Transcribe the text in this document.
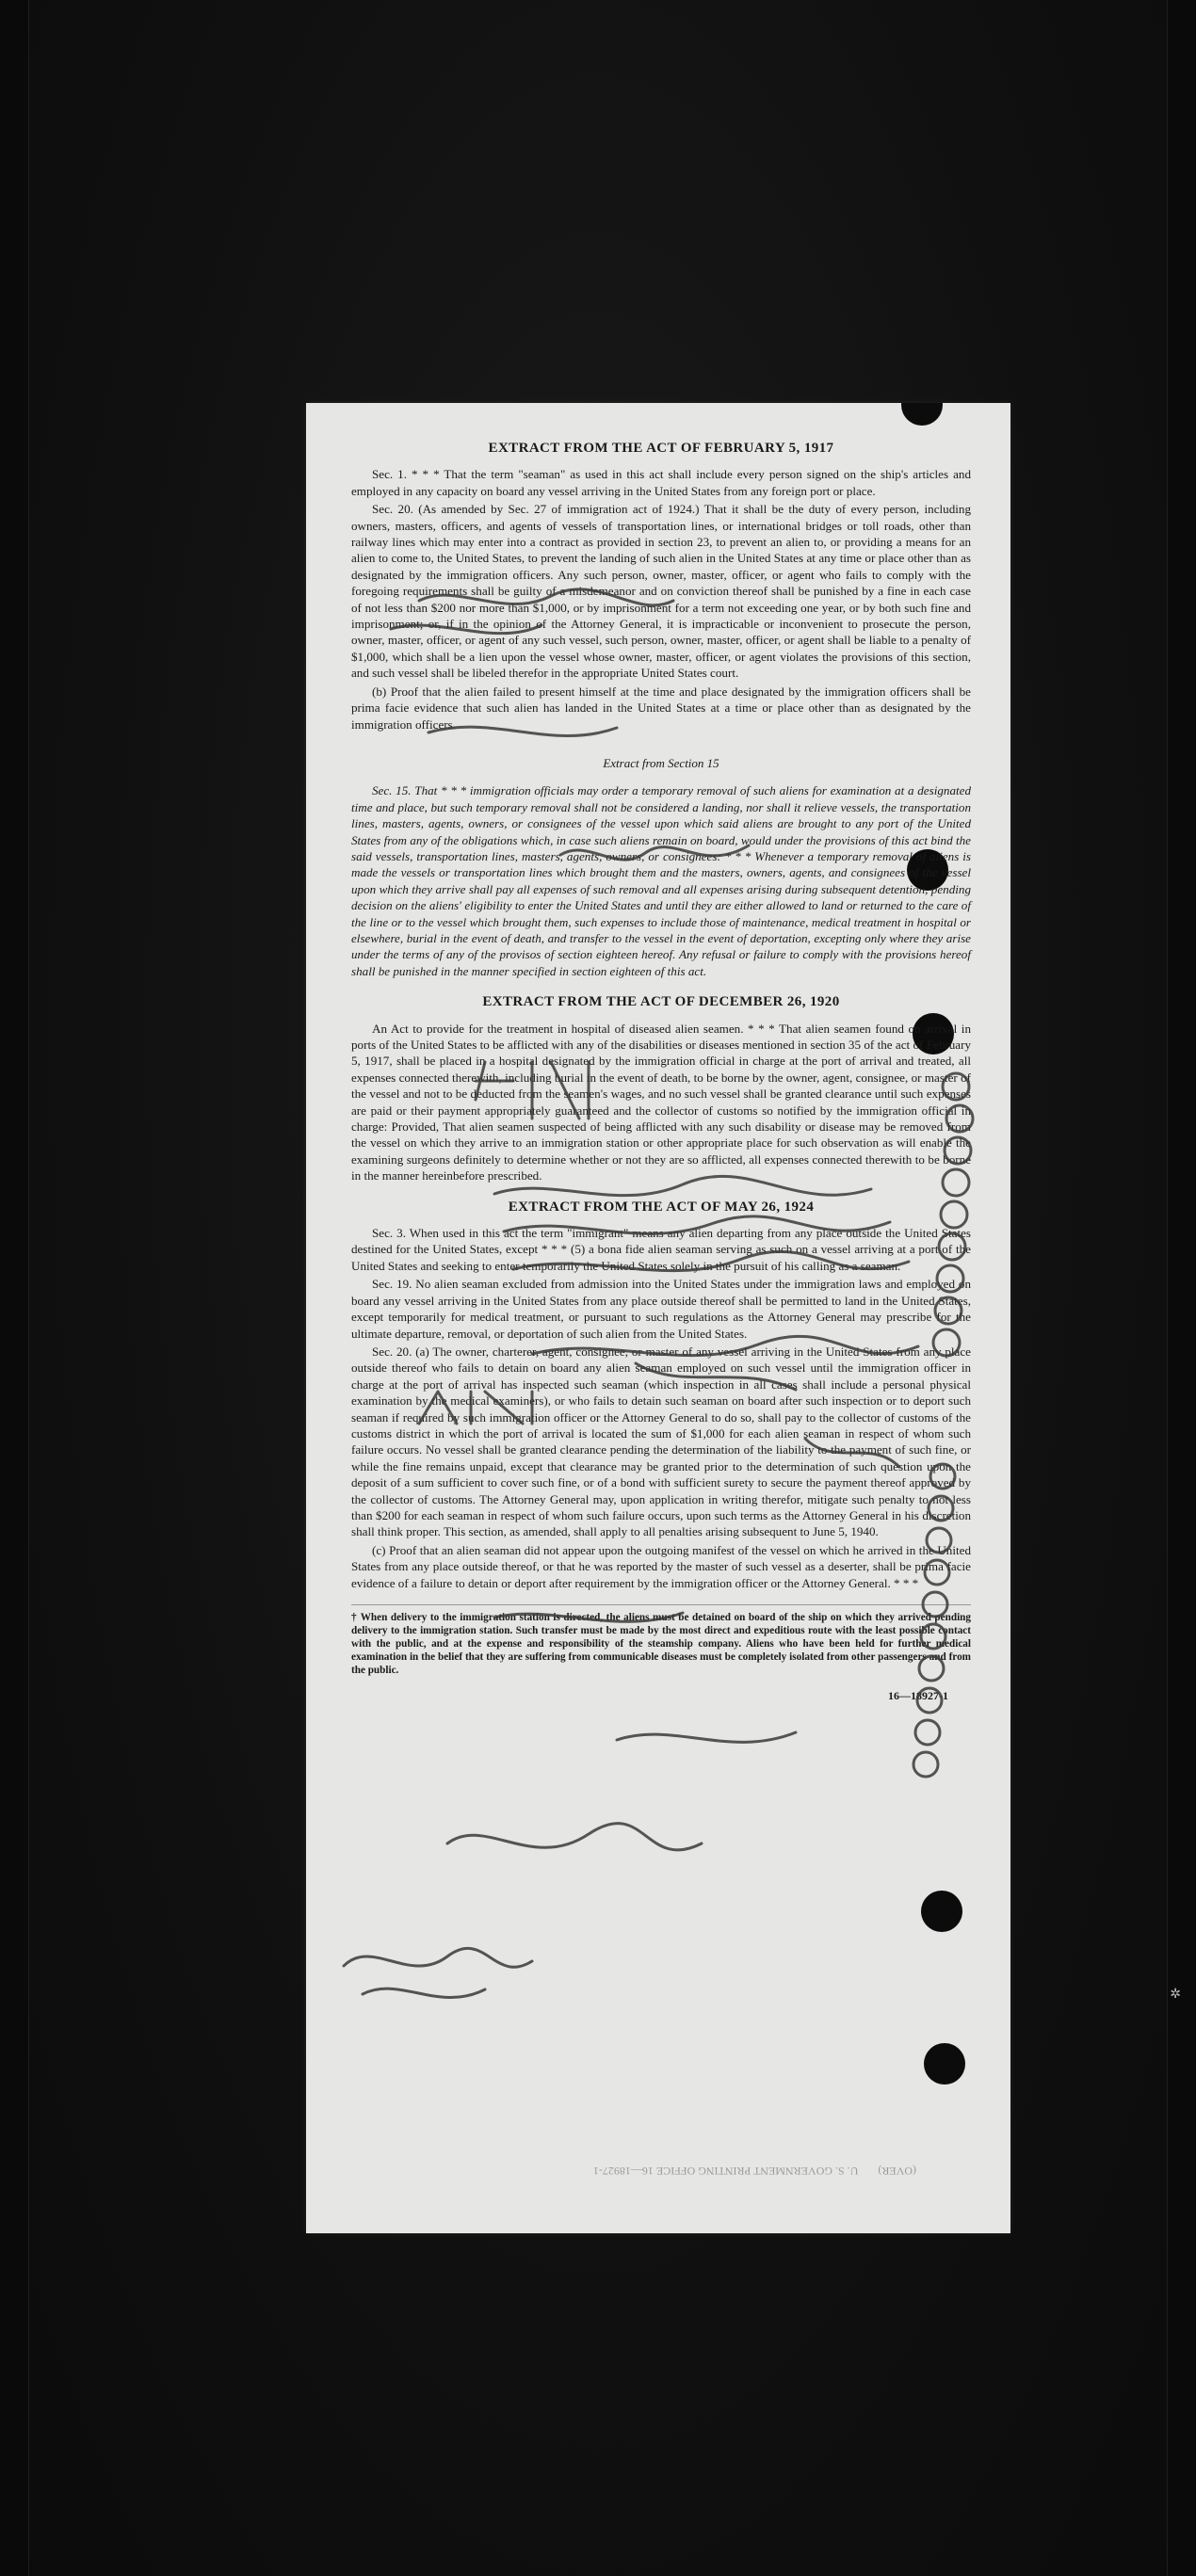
EXTRACT FROM THE ACT OF FEBRUARY 5, 1917

Sec. 1. * * * That the term "seaman" as used in this act shall include every person signed on the ship's articles and employed in any capacity on board any vessel arriving in the United States from any foreign port or place.

Sec. 20. (As amended by Sec. 27 of immigration act of 1924.) That it shall be the duty of every person, including owners, masters, officers, and agents of vessels of transportation lines, or international bridges or toll roads, other than railway lines which may enter into a contract as provided in section 23, to prevent an alien to, or providing a means for an alien to come to, the United States, to prevent the landing of such alien in the United States at any time or place other than as designated by the immigration officers. Any such person, owner, master, officer, or agent who fails to comply with the foregoing requirements shall be guilty of a misdemeanor and on conviction thereof shall be punished by a fine in each case of not less than $200 nor more than $1,000, or by imprisonment for a term not exceeding one year, or by both such fine and imprisonment; or, if in the opinion of the Attorney General, it is impracticable or inconvenient to prosecute the person, owner, master, officer, or agent of any such vessel, such person, owner, master, officer, or agent shall be liable to a penalty of $1,000, which shall be a lien upon the vessel whose owner, master, officer, or agent violates the provisions of this section, and such vessel shall be libeled therefor in the appropriate United States court.

(b) Proof that the alien failed to present himself at the time and place designated by the immigration officers shall be prima facie evidence that such alien has landed in the United States at a time or place other than as designated by the immigration officers.

Extract from Section 15

Sec. 15. That * * * immigration officials may order a temporary removal of such aliens for examination at a designated time and place, but such temporary removal shall not be considered a landing, nor shall it relieve vessels, the transportation lines, masters, agents, owners, or consignees of the vessel upon which said aliens are brought to any port of the United States from any of the obligations which, in case such aliens remain on board, would under the provisions of this act bind the said vessels, transportation lines, masters, agents, owners, or consignees: * * * Whenever a temporary removal of aliens is made the vessels or transportation lines which brought them and the masters, owners, agents, and consignees of the vessel upon which they arrive shall pay all expenses of such removal and all expenses arising during subsequent detention, pending decision on the aliens' eligibility to enter the United States and until they are either allowed to land or returned to the care of the line or to the vessel which brought them, such expenses to include those of maintenance, medical treatment in hospital or elsewhere, burial in the event of death, and transfer to the vessel in the event of deportation, excepting only where they arise under the terms of any of the provisos of section eighteen hereof. Any refusal or failure to comply with the provisions hereof shall be punished in the manner specified in section eighteen of this act.

EXTRACT FROM THE ACT OF DECEMBER 26, 1920

An Act to provide for the treatment in hospital of diseased alien seamen. * * * That alien seamen found on arrival in ports of the United States to be afflicted with any of the disabilities or diseases mentioned in section 35 of the act of February 5, 1917, shall be placed in a hospital designated by the immigration official in charge at the port of arrival and treated, all expenses connected therewith, including burial in the event of death, to be borne by the owner, agent, consignee, or master of the vessel and not to be deducted from the seamen's wages, and no such vessel shall be granted clearance until such expenses are paid or their payment appropriately guaranteed and the collector of customs so notified by the immigration official in charge: Provided, That alien seamen suspected of being afflicted with any such disability or disease may be removed from the vessel on which they arrive to an immigration station or other appropriate place for such observation as will enable the examining surgeons definitely to determine whether or not they are so afflicted, all expenses connected therewith to be borne in the manner hereinbefore prescribed.

EXTRACT FROM THE ACT OF MAY 26, 1924

Sec. 3. When used in this act the term "immigrant" means any alien departing from any place outside the United States destined for the United States, except * * * (5) a bona fide alien seaman serving as such on a vessel arriving at a port of the United States and seeking to enter temporarily the United States solely in the pursuit of his calling as a seaman.

Sec. 19. No alien seaman excluded from admission into the United States under the immigration laws and employed on board any vessel arriving in the United States from any place outside thereof shall be permitted to land in the United States, except temporarily for medical treatment, or pursuant to such regulations as the Attorney General may prescribe for the ultimate departure, removal, or deportation of such alien from the United States.

Sec. 20. (a) The owner, charterer, agent, consignee, or master of any vessel arriving in the United States from any place outside thereof who fails to detain on board any alien seaman employed on such vessel until the immigration officer in charge at the port of arrival has inspected such seaman (which inspection in all cases shall include a personal physical examination by the medical examiners), or who fails to detain such seaman on board after such inspection or to deport such seaman if required by such immigration officer or the Attorney General to do so, shall pay to the collector of customs of the customs district in which the port of arrival is located the sum of $1,000 for each alien seaman in respect of whom such failure occurs. No vessel shall be granted clearance pending the determination of the liability to the payment of such fine, or while the fine remains unpaid, except that clearance may be granted prior to the determination of such question upon the deposit of a sum sufficient to cover such fine, or of a bond with sufficient surety to secure the payment thereof approved by the collector of customs. The Attorney General may, upon application in writing therefor, mitigate such penalty to not less than $200 for each seaman in respect of whom such failure occurs, upon such terms as the Attorney General in his discretion shall think proper. This section, as amended, shall apply to all penalties arising subsequent to June 5, 1940.

(c) Proof that an alien seaman did not appear upon the outgoing manifest of the vessel on which he arrived in the United States from any place outside thereof, or that he was reported by the master of such vessel as a deserter, shall be prima facie evidence of a failure to detain or deport after requirement by the immigration officer or the Attorney General. * * *

† When delivery to the immigration station is directed, the aliens must be detained on board of the ship on which they arrived pending delivery to the immigration station. Such transfer must be made by the most direct and expeditious route with the least possible contact with the public, and at the expense and responsibility of the steamship company. Aliens who have been held for further medical examination in the belief that they are suffering from communicable diseases must be completely isolated from other passengers and from the public.
16—18927-1
(OVER)       U. S. GOVERNMENT PRINTING OFFICE 16—18927-1
✲
